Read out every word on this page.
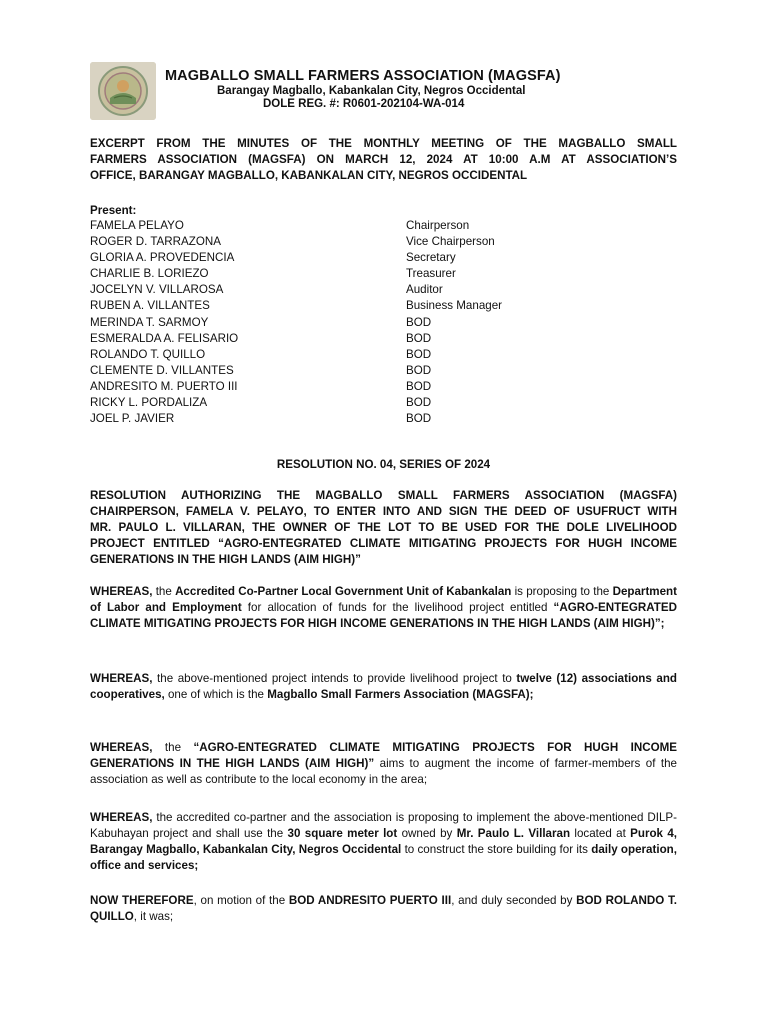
MAGBALLO SMALL FARMERS ASSOCIATION (MAGSFA)
Barangay Magballo, Kabankalan City, Negros Occidental
DOLE REG. #: R0601-202104-WA-014
EXCERPT FROM THE MINUTES OF THE MONTHLY MEETING OF THE MAGBALLO SMALL
FARMERS ASSOCIATION (MAGSFA) ON MARCH 12, 2024 AT 10:00 A.M AT ASSOCIATION’S
OFFICE, BARANGAY MAGBALLO, KABANKALAN CITY, NEGROS OCCIDENTAL
Present:
FAMELA PELAYO	Chairperson
ROGER D. TARRAZONA	Vice Chairperson
GLORIA A. PROVEDENCIA	Secretary
CHARLIE B. LORIEZO	Treasurer
JOCELYN V. VILLAROSA	Auditor
RUBEN A. VILLANTES	Business Manager
MERINDA T. SARMOY	BOD
ESMERALDA A. FELISARIO	BOD
ROLANDO T. QUILLO	BOD
CLEMENTE D. VILLANTES	BOD
ANDRESITO M. PUERTO III	BOD
RICKY L. PORDALIZA	BOD
JOEL P. JAVIER	BOD
RESOLUTION NO. 04, SERIES OF 2024
RESOLUTION AUTHORIZING THE MAGBALLO SMALL FARMERS ASSOCIATION (MAGSFA)
CHAIRPERSON, FAMELA V. PELAYO, TO ENTER INTO AND SIGN THE DEED OF USUFRUCT WITH
MR. PAULO L. VILLARAN, THE OWNER OF THE LOT TO BE USED FOR THE DOLE LIVELIHOOD
PROJECT ENTITLED “AGRO-ENTEGRATED CLIMATE MITIGATING PROJECTS FOR HUGH INCOME
GENERATIONS IN THE HIGH LANDS (AIM HIGH)”
WHEREAS, the Accredited Co-Partner Local Government Unit of Kabankalan is proposing to the Department of Labor and Employment for allocation of funds for the livelihood project entitled “AGRO-ENTEGRATED CLIMATE MITIGATING PROJECTS FOR HIGH INCOME GENERATIONS IN THE HIGH LANDS (AIM HIGH)”;
WHEREAS, the above-mentioned project intends to provide livelihood project to twelve (12) associations and cooperatives, one of which is the Magballo Small Farmers Association (MAGSFA);
WHEREAS, the “AGRO-ENTEGRATED CLIMATE MITIGATING PROJECTS FOR HUGH INCOME GENERATIONS IN THE HIGH LANDS (AIM HIGH)” aims to augment the income of farmer-members of the association as well as contribute to the local economy in the area;
WHEREAS, the accredited co-partner and the association is proposing to implement the above-mentioned DILP-Kabuhayan project and shall use the 30 square meter lot owned by Mr. Paulo L. Villaran located at Purok 4, Barangay Magballo, Kabankalan City, Negros Occidental to construct the store building for its daily operation, office and services;
NOW THEREFORE, on motion of the BOD ANDRESITO PUERTO III, and duly seconded by BOD ROLANDO T. QUILLO, it was;
